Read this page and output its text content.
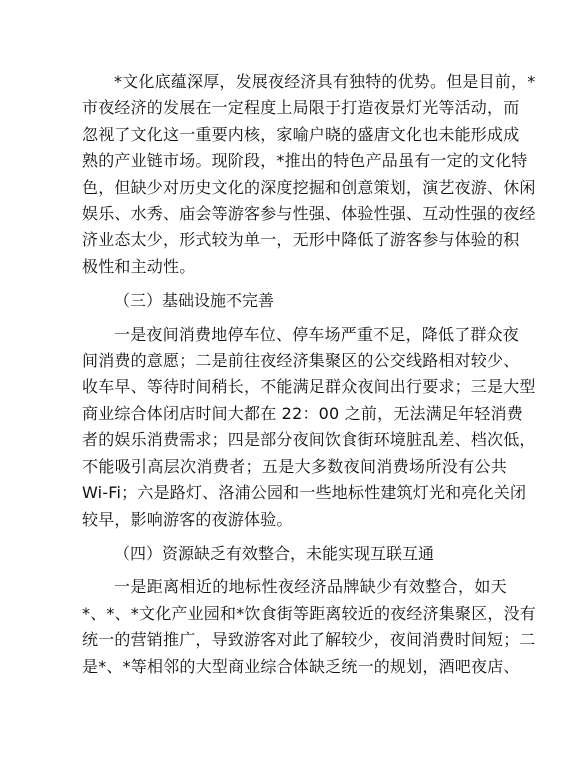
*文化底蕴深厚，发展夜经济具有独特的优势。但是目前，*
市夜经济的发展在一定程度上局限于打造夜景灯光等活动，而
忽视了文化这一重要内核，家喻户晓的盛唐文化也未能形成成
熟的产业链市场。现阶段，*推出的特色产品虽有一定的文化特
色，但缺少对历史文化的深度挖掘和创意策划，演艺夜游、休闲
娱乐、水秀、庙会等游客参与性强、体验性强、互动性强的夜经
济业态太少，形式较为单一，无形中降低了游客参与体验的积
极性和主动性。

（三）基础设施不完善

一是夜间消费地停车位、停车场严重不足，降低了群众夜
间消费的意愿；二是前往夜经济集聚区的公交线路相对较少、
收车早、等待时间稍长，不能满足群众夜间出行要求；三是大型
商业综合体闭店时间大都在 22：00 之前，无法满足年轻消费
者的娱乐消费需求；四是部分夜间饮食街环境脏乱差、档次低，
不能吸引高层次消费者；五是大多数夜间消费场所没有公共
Wi-Fi；六是路灯、洛浦公园和一些地标性建筑灯光和亮化关闭
较早，影响游客的夜游体验。

（四）资源缺乏有效整合，未能实现互联互通

一是距离相近的地标性夜经济品牌缺少有效整合，如天
*、*、*文化产业园和*饮食街等距离较近的夜经济集聚区，没有
统一的营销推广，导致游客对此了解较少，夜间消费时间短；二
是*、*等相邻的大型商业综合体缺乏统一的规划，酒吧夜店、
